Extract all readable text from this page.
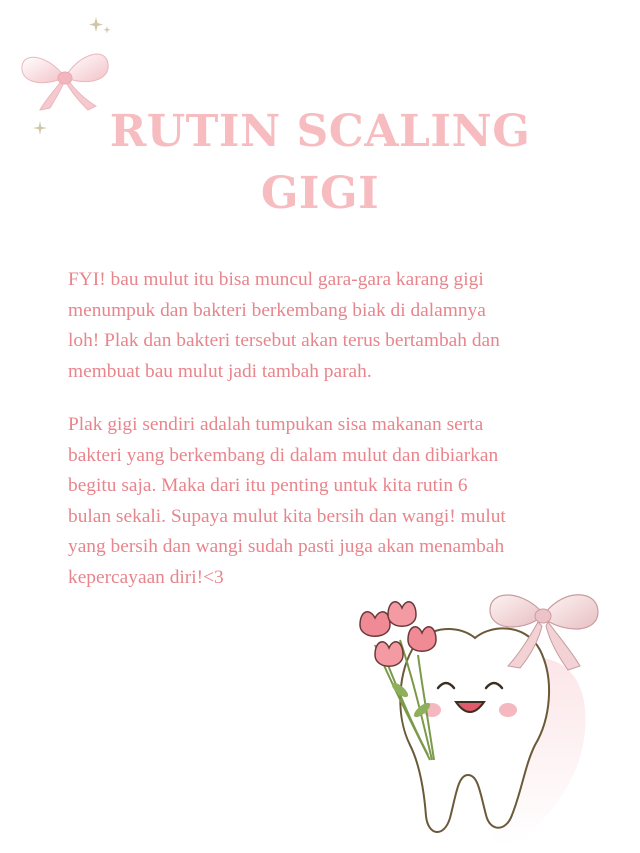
RUTIN SCALING
GIGI

FYI! bau mulut itu bisa muncul gara-gara karang gigi
menumpuk dan bakteri berkembang biak di dalamnya
loh! Plak dan bakteri tersebut akan terus bertambah dan
membuat bau mulut jadi tambah parah.

Plak gigi sendiri adalah tumpukan sisa makanan serta
bakteri yang berkembang di dalam mulut dan dibiarkan
begitu saja. Maka dari itu penting untuk kita rutin 6
bulan sekali. Supaya mulut kita bersih dan wangi! mulut
yang bersih dan wangi sudah pasti juga akan menambah
kepercayaan diri!<3
